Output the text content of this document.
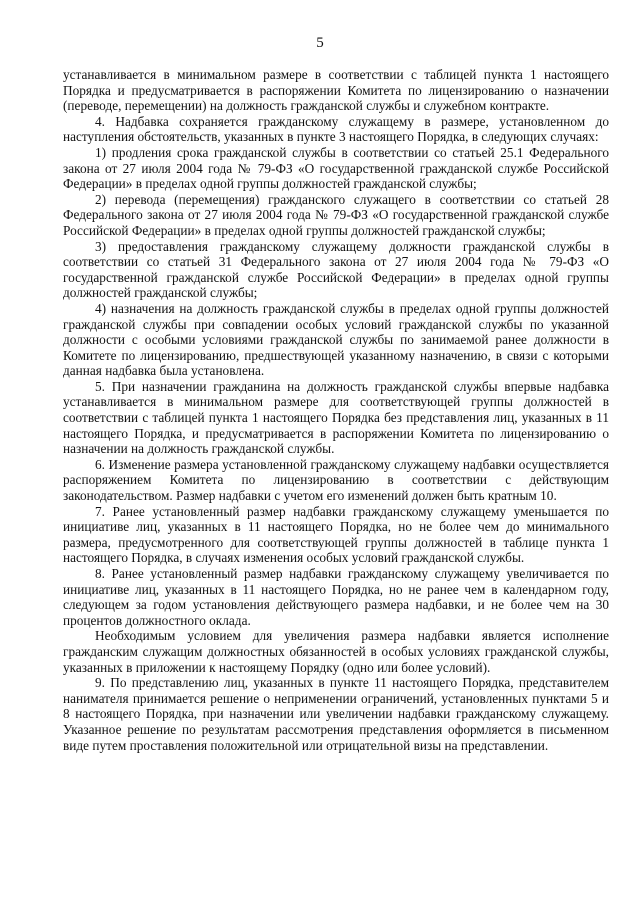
5

устанавливается в минимальном размере в соответствии с таблицей пункта 1 настоящего Порядка и предусматривается в распоряжении Комитета по лицензированию о назначении (переводе, перемещении) на должность гражданской службы и служебном контракте.

4. Надбавка сохраняется гражданскому служащему в размере, установленном до наступления обстоятельств, указанных в пункте 3 настоящего Порядка, в следующих случаях:

1) продления срока гражданской службы в соответствии со статьей 25.1 Федерального закона от 27 июля 2004 года № 79-ФЗ «О государственной гражданской службе Российской Федерации» в пределах одной группы должностей гражданской службы;

2) перевода (перемещения) гражданского служащего в соответствии со статьей 28 Федерального закона от 27 июля 2004 года № 79-ФЗ «О государственной гражданской службе Российской Федерации» в пределах одной группы должностей гражданской службы;

3) предоставления гражданскому служащему должности гражданской службы в соответствии со статьей 31 Федерального закона от 27 июля 2004 года № 79-ФЗ «О государственной гражданской службе Российской Федерации» в пределах одной группы должностей гражданской службы;

4) назначения на должность гражданской службы в пределах одной группы должностей гражданской службы при совпадении особых условий гражданской службы по указанной должности с особыми условиями гражданской службы по занимаемой ранее должности в Комитете по лицензированию, предшествующей указанному назначению, в связи с которыми данная надбавка была установлена.

5. При назначении гражданина на должность гражданской службы впервые надбавка устанавливается в минимальном размере для соответствующей группы должностей в соответствии с таблицей пункта 1 настоящего Порядка без представления лиц, указанных в 11 настоящего Порядка, и предусматривается в распоряжении Комитета по лицензированию о назначении на должность гражданской службы.

6. Изменение размера установленной гражданскому служащему надбавки осуществляется распоряжением Комитета по лицензированию в соответствии с действующим законодательством. Размер надбавки с учетом его изменений должен быть кратным 10.

7. Ранее установленный размер надбавки гражданскому служащему уменьшается по инициативе лиц, указанных в 11 настоящего Порядка, но не более чем до минимального размера, предусмотренного для соответствующей группы должностей в таблице пункта 1 настоящего Порядка, в случаях изменения особых условий гражданской службы.

8. Ранее установленный размер надбавки гражданскому служащему увеличивается по инициативе лиц, указанных в 11 настоящего Порядка, но не ранее чем в календарном году, следующем за годом установления действующего размера надбавки, и не более чем на 30 процентов должностного оклада.

Необходимым условием для увеличения размера надбавки является исполнение гражданским служащим должностных обязанностей в особых условиях гражданской службы, указанных в приложении к настоящему Порядку (одно или более условий).

9. По представлению лиц, указанных в пункте 11 настоящего Порядка, представителем нанимателя принимается решение о неприменении ограничений, установленных пунктами 5 и 8 настоящего Порядка, при назначении или увеличении надбавки гражданскому служащему. Указанное решение по результатам рассмотрения представления оформляется в письменном виде путем проставления положительной или отрицательной визы на представлении.
